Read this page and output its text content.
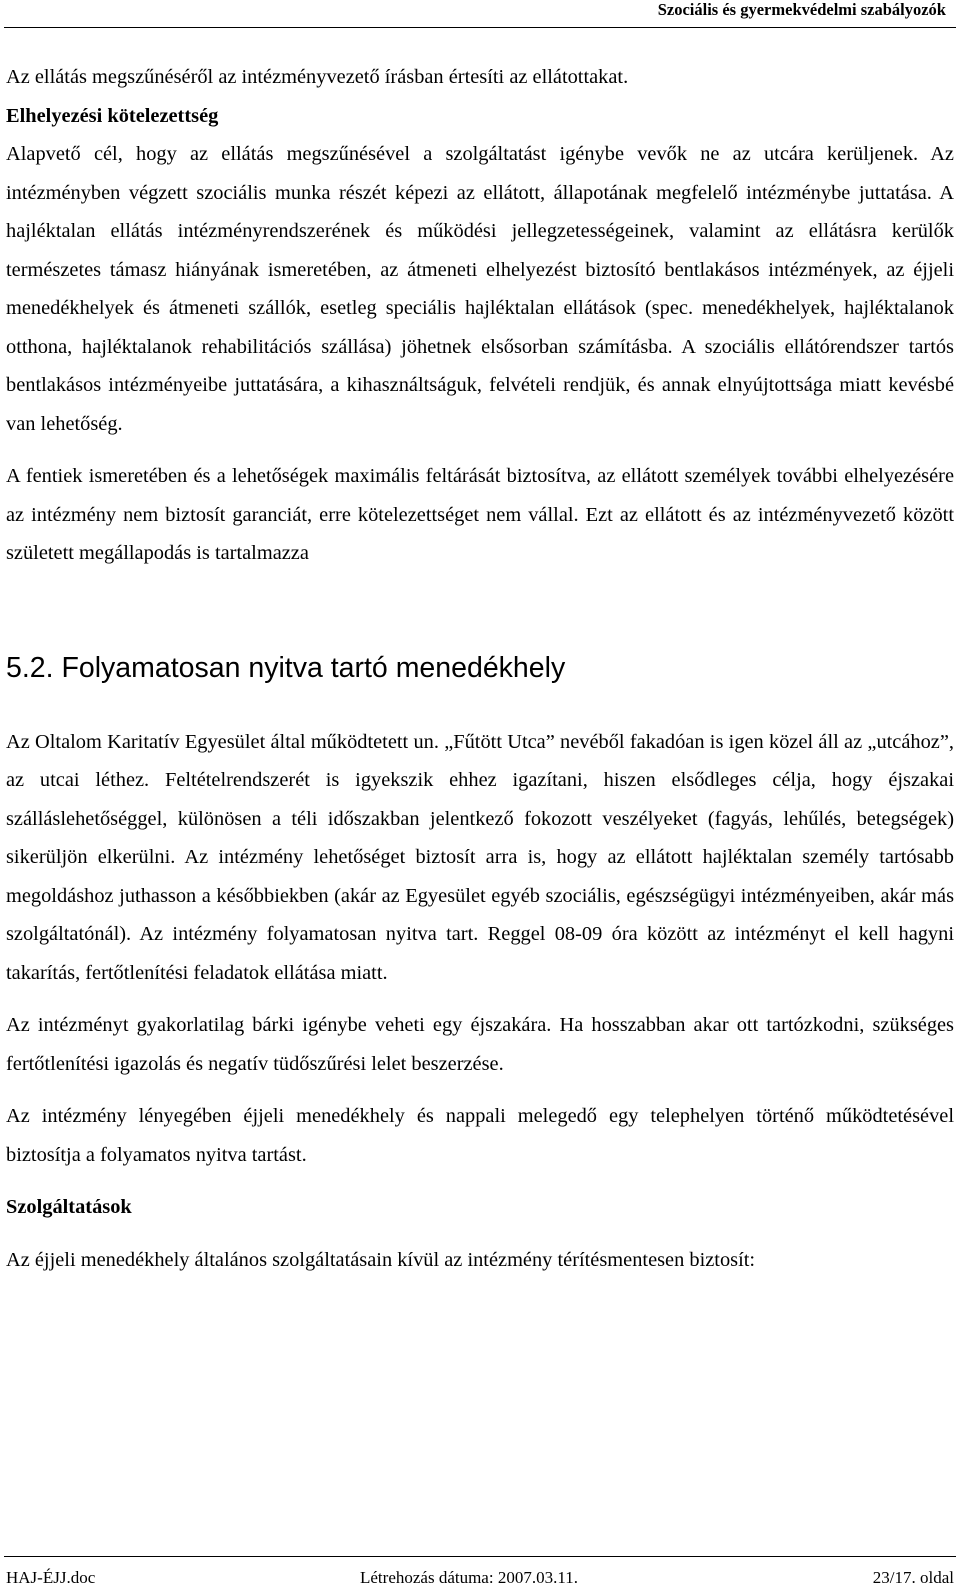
Szociális és gyermekvédelmi szabályozók

Az ellátás megszűnéséről az intézményvezető írásban értesíti az ellátottakat.

Elhelyezési kötelezettség

Alapvető cél, hogy az ellátás megszűnésével a szolgáltatást igénybe vevők ne az utcára kerüljenek. Az intézményben végzett szociális munka részét képezi az ellátott, állapotának megfelelő intézménybe juttatása. A hajléktalan ellátás intézményrendszerének és működési jellegzetességeinek, valamint az ellátásra kerülők természetes támasz hiányának ismeretében, az átmeneti elhelyezést biztosító bentlakásos intézmények, az éjjeli menedékhelyek és átmeneti szállók, esetleg speciális hajléktalan ellátások (spec. menedékhelyek, hajléktalanok otthona, hajléktalanok rehabilitációs szállása) jöhetnek elsősorban számításba. A szociális ellátórendszer tartós bentlakásos intézményeibe juttatására, a kihasználtságuk, felvételi rendjük, és annak elnyújtottsága miatt kevésbé van lehetőség.

A fentiek ismeretében és a lehetőségek maximális feltárását biztosítva, az ellátott személyek további elhelyezésére az intézmény nem biztosít garanciát, erre kötelezettséget nem vállal. Ezt az ellátott és az intézményvezető között született megállapodás is tartalmazza

5.2. Folyamatosan nyitva tartó menedékhely

Az Oltalom Karitatív Egyesület által működtetett un. „Fűtött Utca” nevéből fakadóan is igen közel áll az „utcához”, az utcai léthez. Feltételrendszerét is igyekszik ehhez igazítani, hiszen elsődleges célja, hogy éjszakai szálláslehetőséggel, különösen a téli időszakban jelentkező fokozott veszélyeket (fagyás, lehűlés, betegségek) sikerüljön elkerülni. Az intézmény lehetőséget biztosít arra is, hogy az ellátott hajléktalan személy tartósabb megoldáshoz juthasson a későbbiekben (akár az Egyesület egyéb szociális, egészségügyi intézményeiben, akár más szolgáltatónál). Az intézmény folyamatosan nyitva tart. Reggel 08-09 óra között az intézményt el kell hagyni takarítás, fertőtlenítési feladatok ellátása miatt.

Az intézményt gyakorlatilag bárki igénybe veheti egy éjszakára. Ha hosszabban akar ott tartózkodni, szükséges fertőtlenítési igazolás és negatív tüdőszűrési lelet beszerzése.

Az intézmény lényegében éjjeli menedékhely és nappali melegedő egy telephelyen történő működtetésével biztosítja a folyamatos nyitva tartást.

Szolgáltatások

Az éjjeli menedékhely általános szolgáltatásain kívül az intézmény térítésmentesen biztosít:

HAJ-ÉJJ.doc	Létrehozás dátuma: 2007.03.11.	23/17. oldal
